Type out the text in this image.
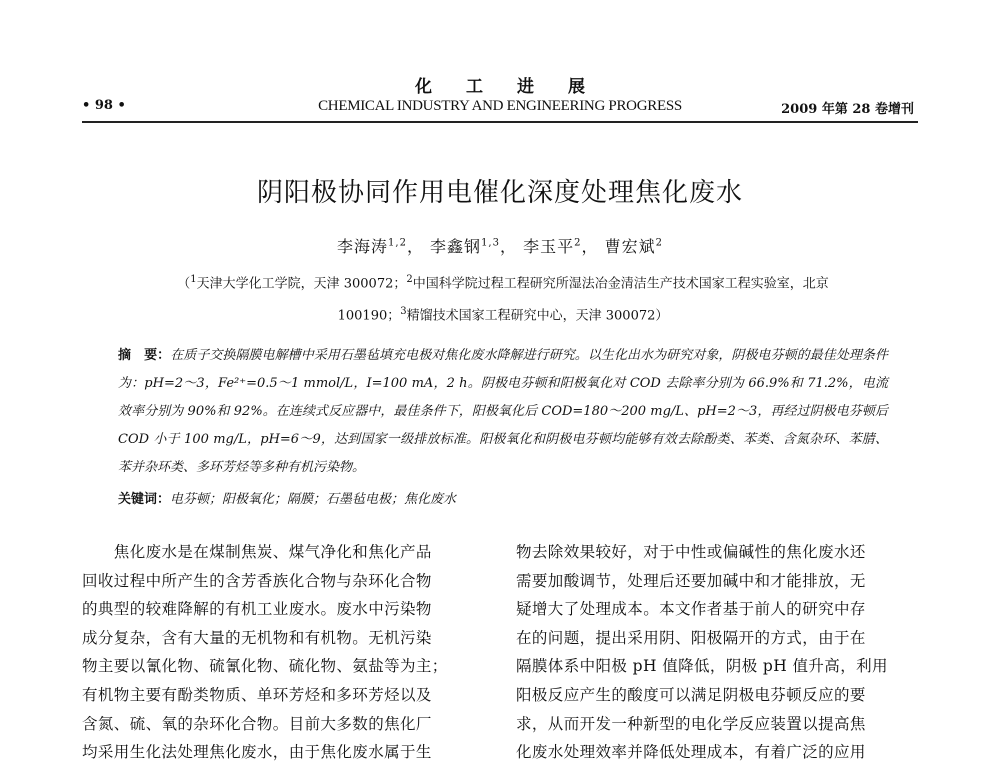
化工进展
CHEMICAL INDUSTRY AND ENGINEERING PROGRESS
• 98 •	2009 年第 28 卷增刊
阴阳极协同作用电催化深度处理焦化废水
李海涛$^{1,2}$， 李鑫钢$^{1,3}$， 李玉平$^2$， 曹宏斌$^2$
（$^1$天津大学化工学院，天津 300072；$^2$中国科学院过程工程研究所湿法冶金清洁生产技术国家工程实验室，北京
100190；$^3$精馏技术国家工程研究中心，天津 300072）
摘　要：在质子交换隔膜电解槽中采用石墨毡填充电极对焦化废水降解进行研究。以生化出水为研究对象，阴极电芬顿的最佳处理条件为：pH=2～3，Fe²⁺=0.5～1 mmol/L，I=100 mA，2 h。阴极电芬顿和阳极氧化对 COD 去除率分别为 66.9%和 71.2%，电流效率分别为 90%和 92%。在连续式反应器中，最佳条件下，阳极氧化后 COD=180～200 mg/L、pH=2～3，再经过阴极电芬顿后 COD 小于 100 mg/L，pH=6～9，达到国家一级排放标准。阳极氧化和阴极电芬顿均能够有效去除酚类、苯类、含氮杂环、苯腈、苯并杂环类、多环芳烃等多种有机污染物。
关键词：电芬顿；阳极氧化；隔膜；石墨毡电极；焦化废水
　　焦化废水是在煤制焦炭、煤气净化和焦化产品
回收过程中所产生的含芳香族化合物与杂环化合物
的典型的较难降解的有机工业废水。废水中污染物
成分复杂，含有大量的无机物和有机物。无机污染
物主要以氰化物、硫氰化物、硫化物、氨盐等为主；
有机物主要有酚类物质、单环芳烃和多环芳烃以及
含氮、硫、氧的杂环化合物。目前大多数的焦化厂
均采用生化法处理焦化废水，由于焦化废水属于生
物去除效果较好，对于中性或偏碱性的焦化废水还
需要加酸调节，处理后还要加碱中和才能排放，无
疑增大了处理成本。本文作者基于前人的研究中存
在的问题，提出采用阴、阳极隔开的方式，由于在
隔膜体系中阳极 pH 值降低，阴极 pH 值升高，利用
阳极反应产生的酸度可以满足阴极电芬顿反应的要
求，从而开发一种新型的电化学反应装置以提高焦
化废水处理效率并降低处理成本，有着广泛的应用
